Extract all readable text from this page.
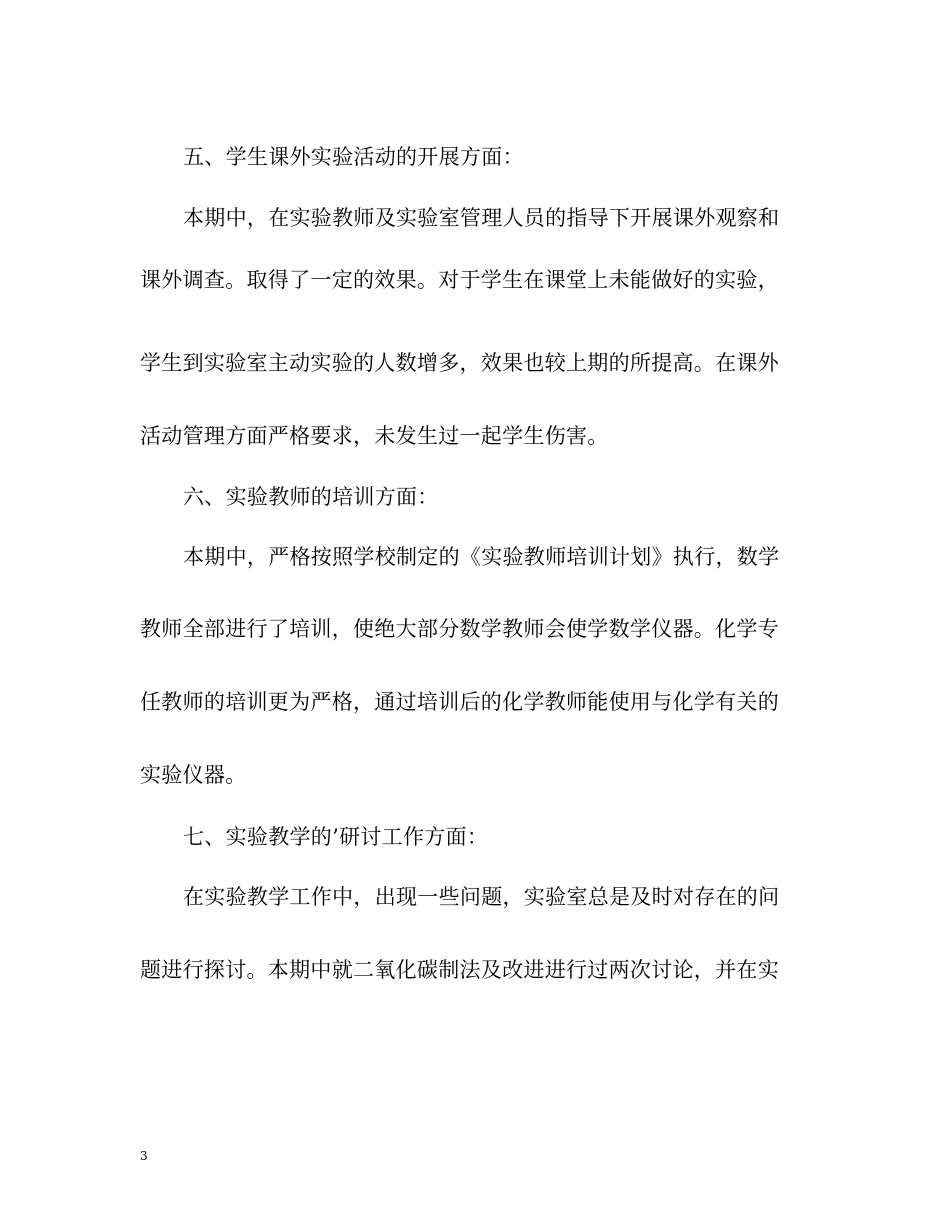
五、学生课外实验活动的开展方面：
本期中，在实验教师及实验室管理人员的指导下开展课外观察和
课外调查。取得了一定的效果。对于学生在课堂上未能做好的实验，
学生到实验室主动实验的人数增多，效果也较上期的所提高。在课外
活动管理方面严格要求，未发生过一起学生伤害。
六、实验教师的培训方面：
本期中，严格按照学校制定的《实验教师培训计划》执行，数学
教师全部进行了培训，使绝大部分数学教师会使学数学仪器。化学专
任教师的培训更为严格，通过培训后的化学教师能使用与化学有关的
实验仪器。
七、实验教学的’研讨工作方面：
在实验教学工作中，出现一些问题，实验室总是及时对存在的问
题进行探讨。本期中就二氧化碳制法及改进进行过两次讨论，并在实
3
